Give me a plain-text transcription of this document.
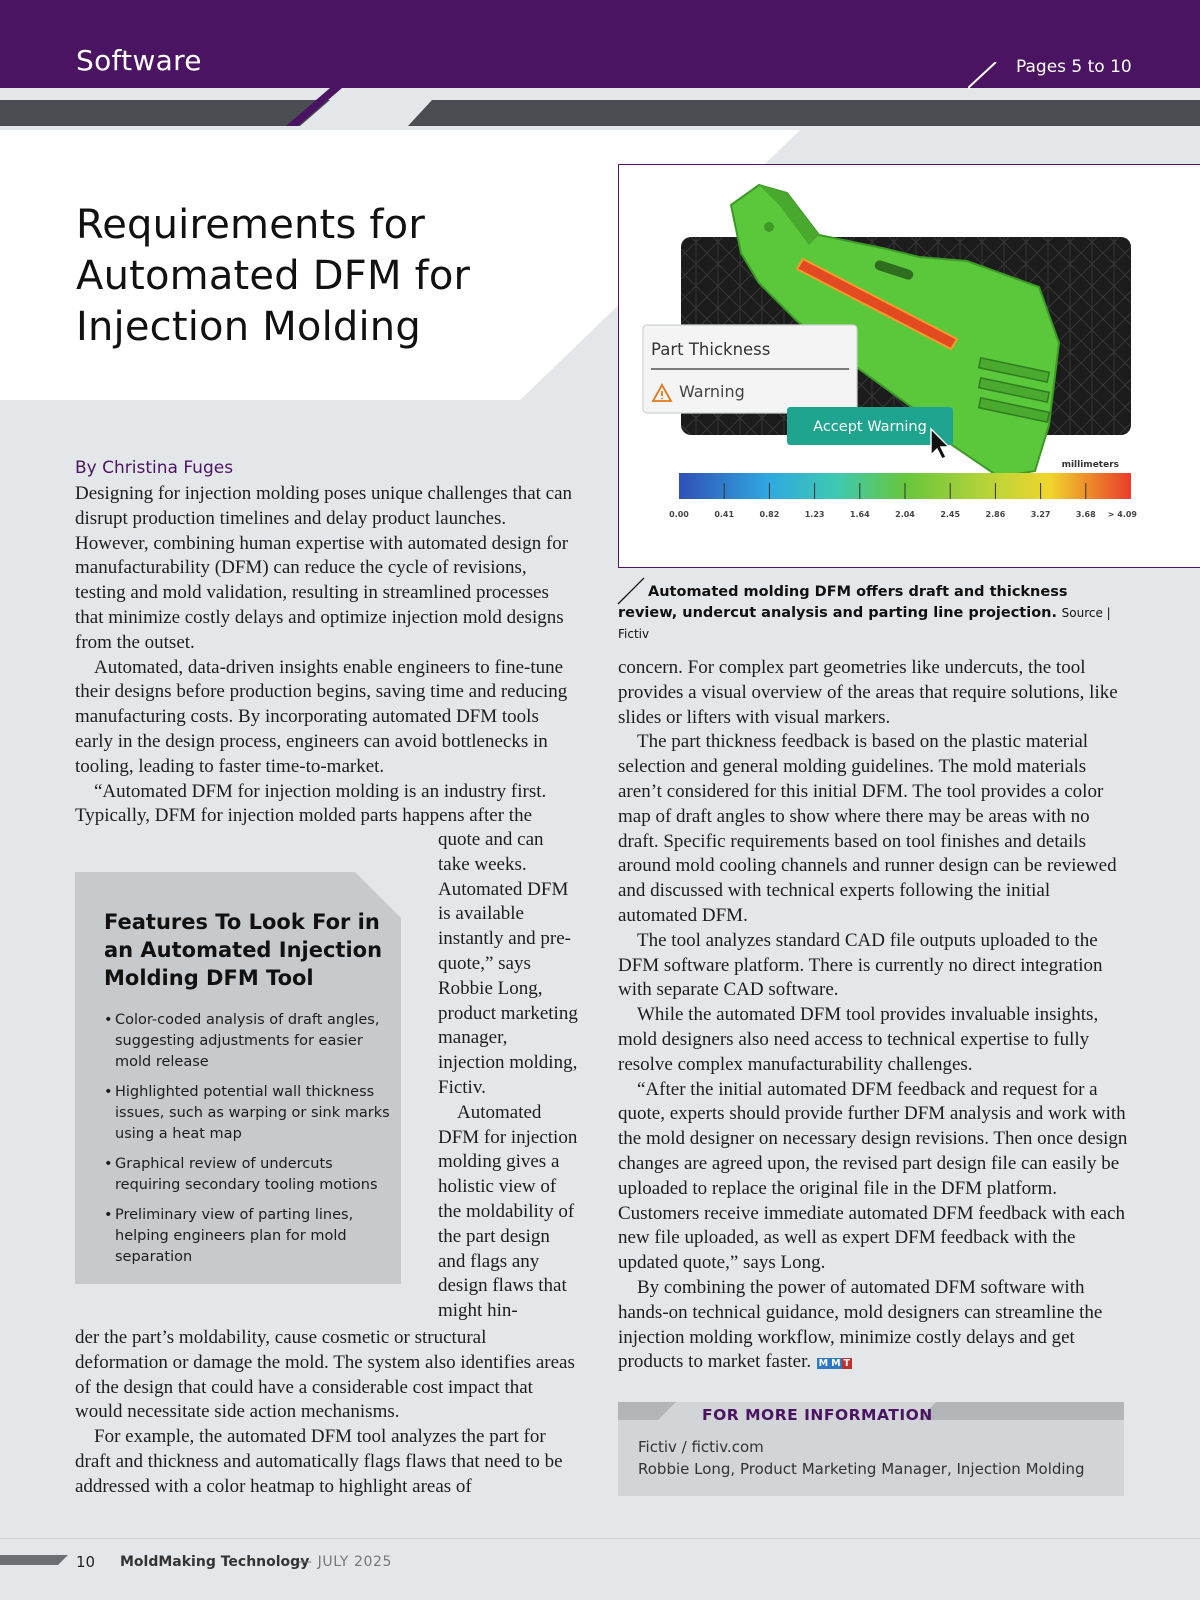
Software	Pages 5 to 10
Requirements for Automated DFM for Injection Molding
By Christina Fuges

Designing for injection molding poses unique challenges that can disrupt production timelines and delay product launches. However, combining human expertise with automated design for manufacturability (DFM) can reduce the cycle of revisions, testing and mold validation, resulting in streamlined processes that minimize costly delays and optimize injection mold designs from the outset.

Automated, data-driven insights enable engineers to fine-tune their designs before production begins, saving time and reducing manufacturing costs. By incorporating automated DFM tools early in the design process, engineers can avoid bottlenecks in tooling, leading to faster time-to-market.

“Automated DFM for injection molding is an industry first. Typically, DFM for injection molded parts happens after the

Features To Look For in an Automated Injection Molding DFM Tool
• Color-coded analysis of draft angles, suggesting adjustments for easier mold release
• Highlighted potential wall thickness issues, such as warping or sink marks using a heat map
• Graphical review of undercuts requiring secondary tooling motions
• Preliminary view of parting lines, helping engineers plan for mold separation

quote and can take weeks. Automated DFM is available instantly and pre-quote,” says Robbie Long, product marketing manager, injection molding, Fictiv.

Automated DFM for injection molding gives a holistic view of the moldability of the part design and flags any design flaws that might hin-

der the part’s moldability, cause cosmetic or structural deformation or damage the mold. The system also identifies areas of the design that could have a considerable cost impact that would necessitate side action mechanisms.

For example, the automated DFM tool analyzes the part for draft and thickness and automatically flags flaws that need to be addressed with a color heatmap to highlight areas of

Part Thickness
Warning
Accept Warning
millimeters
0.00	0.41	0.82	1.23	1.64	2.04	2.45	2.86	3.27	3.68 > 4.09
Automated molding DFM offers draft and thickness review, undercut analysis and parting line projection. Source | Fictiv

concern. For complex part geometries like undercuts, the tool provides a visual overview of the areas that require solutions, like slides or lifters with visual markers.

The part thickness feedback is based on the plastic material selection and general molding guidelines. The mold materials aren’t considered for this initial DFM. The tool provides a color map of draft angles to show where there may be areas with no draft. Specific requirements based on tool finishes and details around mold cooling channels and runner design can be reviewed and discussed with technical experts following the initial automated DFM.

The tool analyzes standard CAD file outputs uploaded to the DFM software platform. There is currently no direct integration with separate CAD software.

While the automated DFM tool provides invaluable insights, mold designers also need access to technical expertise to fully resolve complex manufacturability challenges.

“After the initial automated DFM feedback and request for a quote, experts should provide further DFM analysis and work with the mold designer on necessary design revisions. Then once design changes are agreed upon, the revised part design file can easily be uploaded to replace the original file in the DFM platform. Customers receive immediate automated DFM feedback with each new file uploaded, as well as expert DFM feedback with the updated quote,” says Long.

By combining the power of automated DFM software with hands-on technical guidance, mold designers can streamline the injection molding workflow, minimize costly delays and get products to market faster. M M T

FOR MORE INFORMATION
Fictiv / fictiv.com
Robbie Long, Product Marketing Manager, Injection Molding
10 MoldMaking Technology
— JULY 2025
